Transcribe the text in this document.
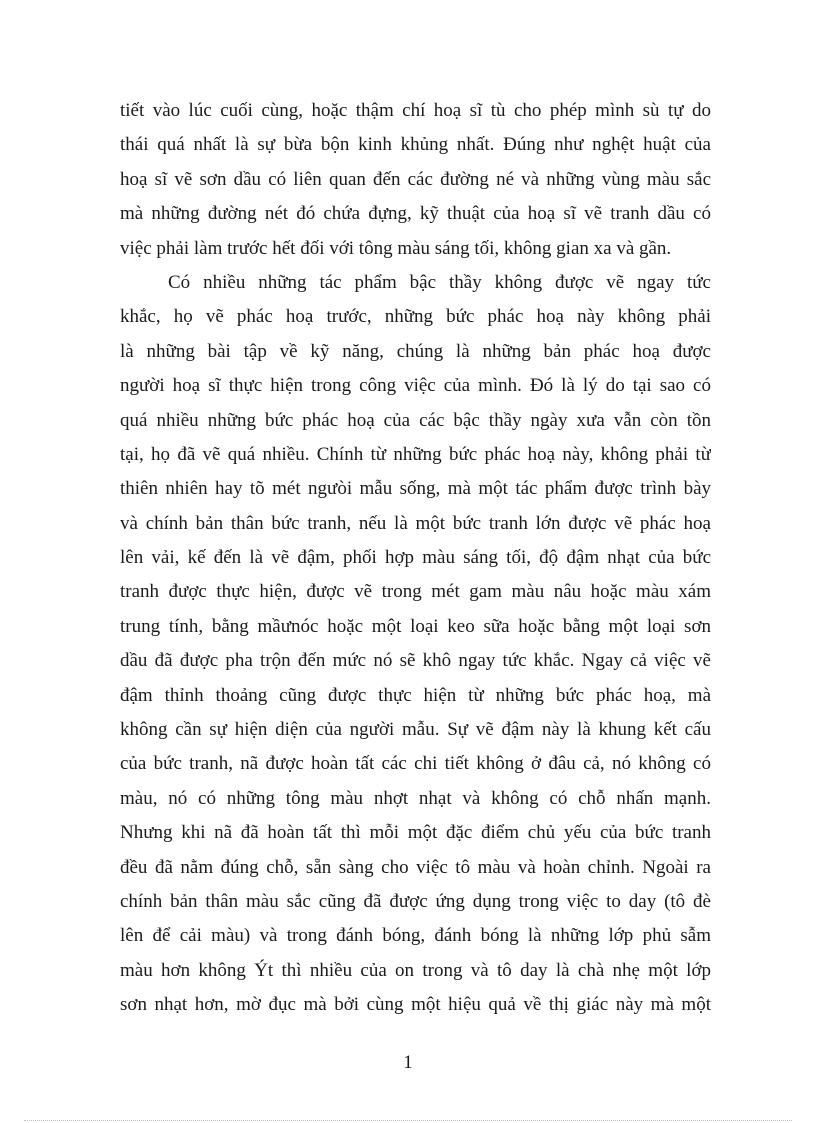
tiết vào lúc cuối cùng, hoặc thậm chí hoạ sĩ tù cho phép mình sù tự do
thái quá nhất là sự bừa bộn kinh khủng nhất. Đúng như nghệt huật của
hoạ sĩ vẽ sơn dầu có liên quan đến các đường né và những vùng màu sắc
mà những đường nét đó chứa đựng, kỹ thuật của hoạ sĩ vẽ tranh dầu có
việc phải làm trước hết đối với tông màu sáng tối, không gian xa và gần.
Có nhiều những tác phẩm bậc thầy không được vẽ ngay tức
khắc, họ vẽ phác hoạ trước, những bức phác hoạ này không phải
là những bài tập về kỹ năng, chúng là những bản phác hoạ được
người hoạ sĩ thực hiện trong công việc của mình. Đó là lý do tại sao có
quá nhiều những bức phác hoạ của các bậc thầy ngày xưa vẫn còn tồn
tại, họ đã vẽ quá nhiều. Chính từ những bức phác hoạ này, không phải từ
thiên nhiên hay tõ mét ngưòi mẫu sống, mà một tác phẩm được trình bày
và chính bản thân bức tranh, nếu là một bức tranh lớn được vẽ phác hoạ
lên vải, kế đến là vẽ đậm, phối hợp màu sáng tối, độ đậm nhạt của bức
tranh được thực hiện, được vẽ trong mét gam màu nâu hoặc màu xám
trung tính, bằng mầưnóc hoặc một loại keo sữa hoặc bằng một loại sơn
dầu đã được pha trộn đến mức nó sẽ khô ngay tức khắc. Ngay cả việc vẽ
đậm thỉnh thoảng cũng được thực hiện từ những bức phác hoạ, mà
không cần sự hiện diện của người mẫu. Sự vẽ đậm này là khung kết cấu
của bức tranh, nã được hoàn tất các chi tiết không ở đâu cả, nó không có
màu, nó có những tông màu nhợt nhạt và không có chỗ nhấn mạnh.
Nhưng khi nã đã hoàn tất thì mỗi một đặc điểm chủ yếu của bức tranh
đều đã nằm đúng chỗ, sẵn sàng cho việc tô màu và hoàn chỉnh. Ngoài ra
chính bản thân màu sắc cũng đã được ứng dụng trong việc to day (tô đè
lên để cải màu) và trong đánh bóng, đánh bóng là những lớp phủ sẫm
màu hơn không Ýt thì nhiều của on trong và tô day là chà nhẹ một lớp
sơn nhạt hơn, mờ đục mà bởi cùng một hiệu quả về thị giác này mà một
1
